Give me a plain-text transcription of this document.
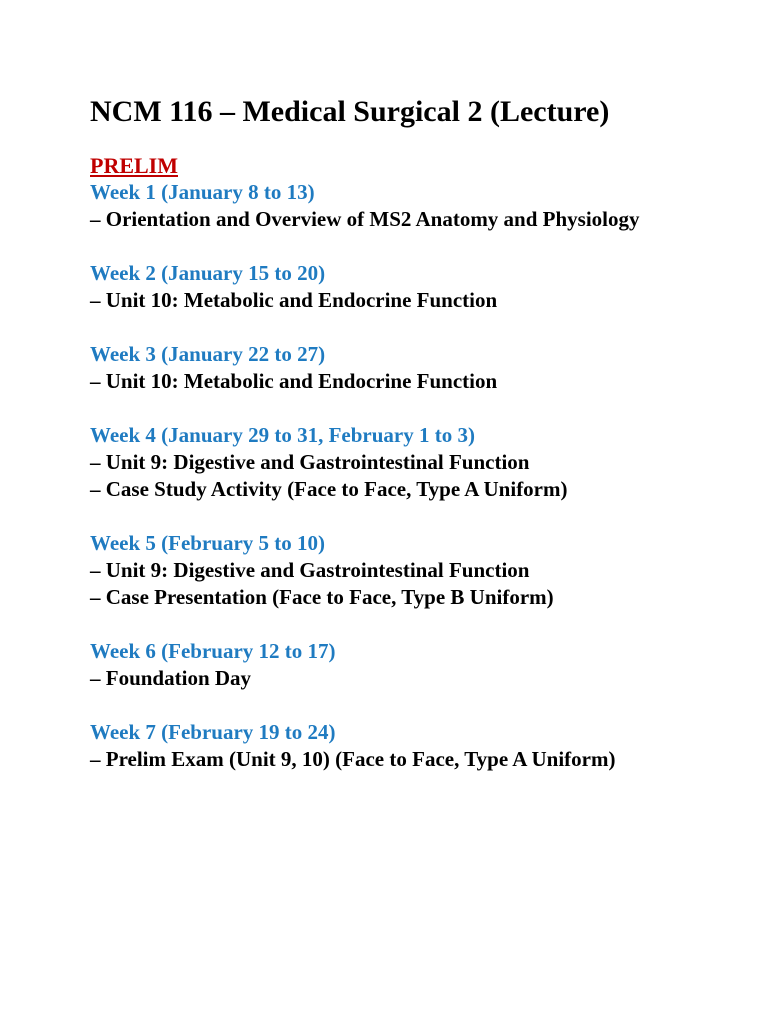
NCM 116 – Medical Surgical 2 (Lecture)
PRELIM
Week 1 (January 8 to 13)
– Orientation and Overview of MS2 Anatomy and Physiology
Week 2 (January 15 to 20)
– Unit 10: Metabolic and Endocrine Function
Week 3 (January 22 to 27)
– Unit 10: Metabolic and Endocrine Function
Week 4 (January 29 to 31, February 1 to 3)
– Unit 9: Digestive and Gastrointestinal Function
– Case Study Activity (Face to Face, Type A Uniform)
Week 5 (February 5 to 10)
– Unit 9: Digestive and Gastrointestinal Function
– Case Presentation (Face to Face, Type B Uniform)
Week 6 (February 12 to 17)
– Foundation Day
Week 7 (February 19 to 24)
– Prelim Exam (Unit 9, 10) (Face to Face, Type A Uniform)
